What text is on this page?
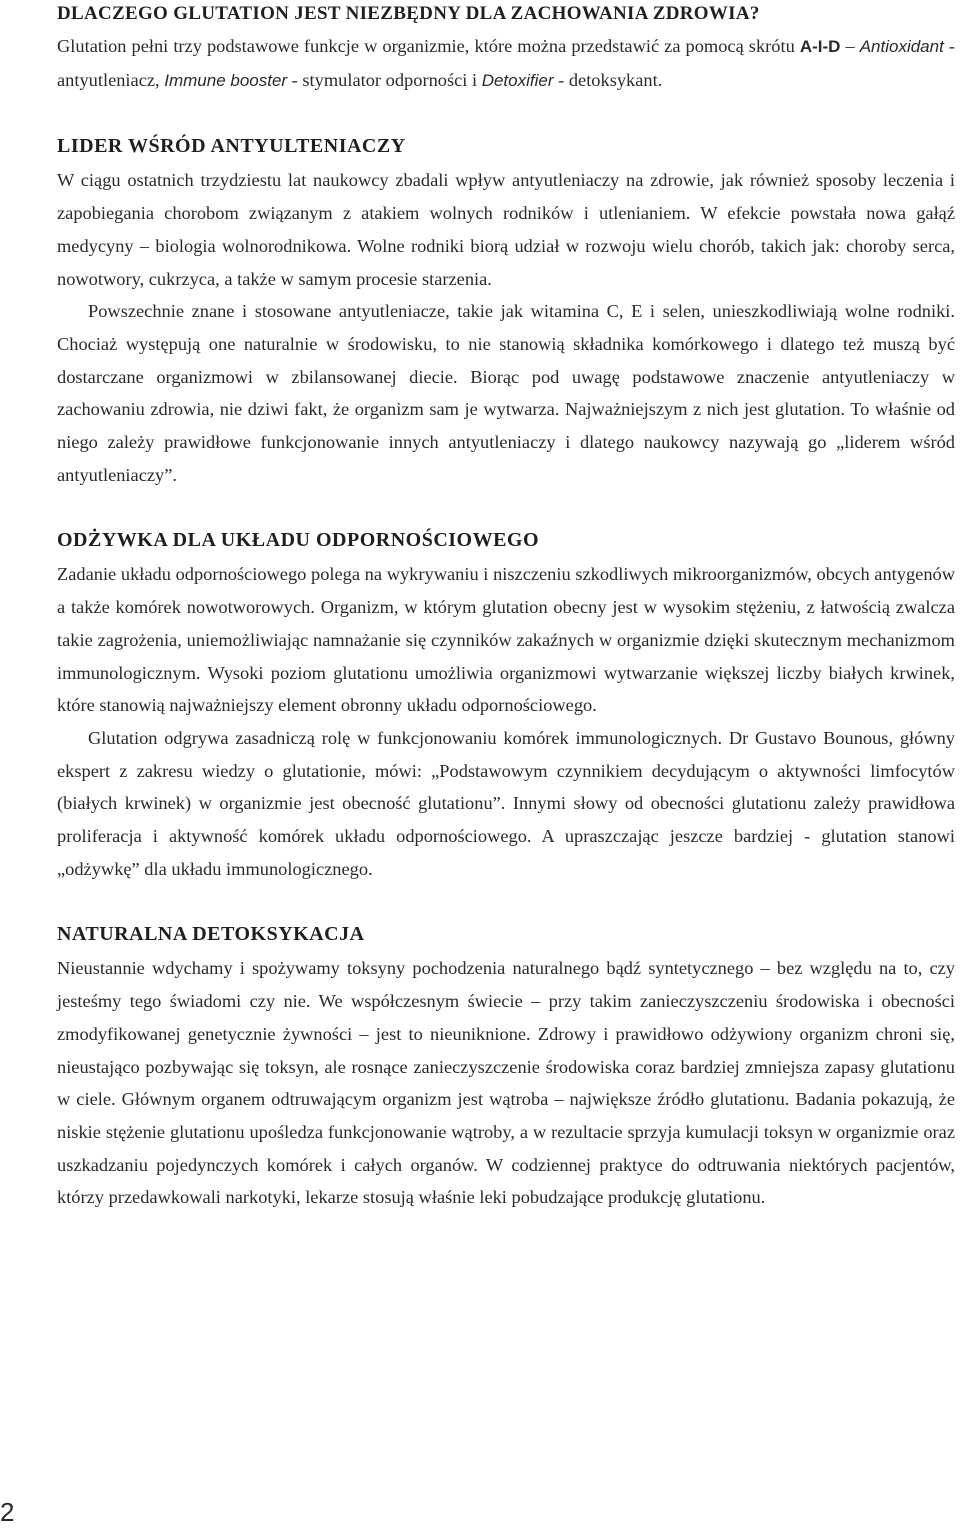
DLACZEGO GLUTATION JEST NIEZBĘDNY DLA ZACHOWANIA ZDROWIA?

Glutation pełni trzy podstawowe funkcje w organizmie, które można przedstawić za pomocą skrótu A-I-D – Antioxidant - antyutleniacz, Immune booster - stymulator odporności i Detoxifier - detoksykant.

LIDER WŚRÓD ANTYULTENIACZY

W ciągu ostatnich trzydziestu lat naukowcy zbadali wpływ antyutleniaczy na zdrowie, jak również sposoby leczenia i zapobiegania chorobom związanym z atakiem wolnych rodników i utlenianiem. W efekcie powstała nowa gałąź medycyny – biologia wolnorodnikowa. Wolne rodniki biorą udział w rozwoju wielu chorób, takich jak: choroby serca, nowotwory, cukrzyca, a także w samym procesie starzenia.

Powszechnie znane i stosowane antyutleniacze, takie jak witamina C, E i selen, unieszkodliwiają wolne rodniki. Chociaż występują one naturalnie w środowisku, to nie stanowią składnika komórkowego i dlatego też muszą być dostarczane organizmowi w zbilansowanej diecie. Biorąc pod uwagę podstawowe znaczenie antyutleniaczy w zachowaniu zdrowia, nie dziwi fakt, że organizm sam je wytwarza. Najważniejszym z nich jest glutation. To właśnie od niego zależy prawidłowe funkcjonowanie innych antyutleniaczy i dlatego naukowcy nazywają go „liderem wśród antyutleniaczy”.

ODŻYWKA DLA UKŁADU ODPORNOŚCIOWEGO

Zadanie układu odpornościowego polega na wykrywaniu i niszczeniu szkodliwych mikroorganizmów, obcych antygenów a także komórek nowotworowych. Organizm, w którym glutation obecny jest w wysokim stężeniu, z łatwością zwalcza takie zagrożenia, uniemożliwiając namnażanie się czynników zakaźnych w organizmie dzięki skutecznym mechanizmom immunologicznym. Wysoki poziom glutationu umożliwia organizmowi wytwarzanie większej liczby białych krwinek, które stanowią najważniejszy element obronny układu odpornościowego.

Glutation odgrywa zasadniczą rolę w funkcjonowaniu komórek immunologicznych. Dr Gustavo Bounous, główny ekspert z zakresu wiedzy o glutationie, mówi: „Podstawowym czynnikiem decydującym o aktywności limfocytów (białych krwinek) w organizmie jest obecność glutationu”. Innymi słowy od obecności glutationu zależy prawidłowa proliferacja i aktywność komórek układu odpornościowego. A upraszczając jeszcze bardziej - glutation stanowi „odżywkę” dla układu immunologicznego.

NATURALNA DETOKSYKACJA

Nieustannie wdychamy i spożywamy toksyny pochodzenia naturalnego bądź syntetycznego – bez względu na to, czy jesteśmy tego świadomi czy nie. We współczesnym świecie – przy takim zanieczyszczeniu środowiska i obecności zmodyfikowanej genetycznie żywności – jest to nieuniknione. Zdrowy i prawidłowo odżywiony organizm chroni się, nieustająco pozbywając się toksyn, ale rosnące zanieczyszczenie środowiska coraz bardziej zmniejsza zapasy glutationu w ciele. Głównym organem odtruwającym organizm jest wątroba – największe źródło glutationu. Badania pokazują, że niskie stężenie glutationu upośledza funkcjonowanie wątroby, a w rezultacie sprzyja kumulacji toksyn w organizmie oraz uszkadzaniu pojedynczych komórek i całych organów. W codziennej praktyce do odtruwania niektórych pacjentów, którzy przedawkowali narkotyki, lekarze stosują właśnie leki pobudzające produkcję glutationu.

2
